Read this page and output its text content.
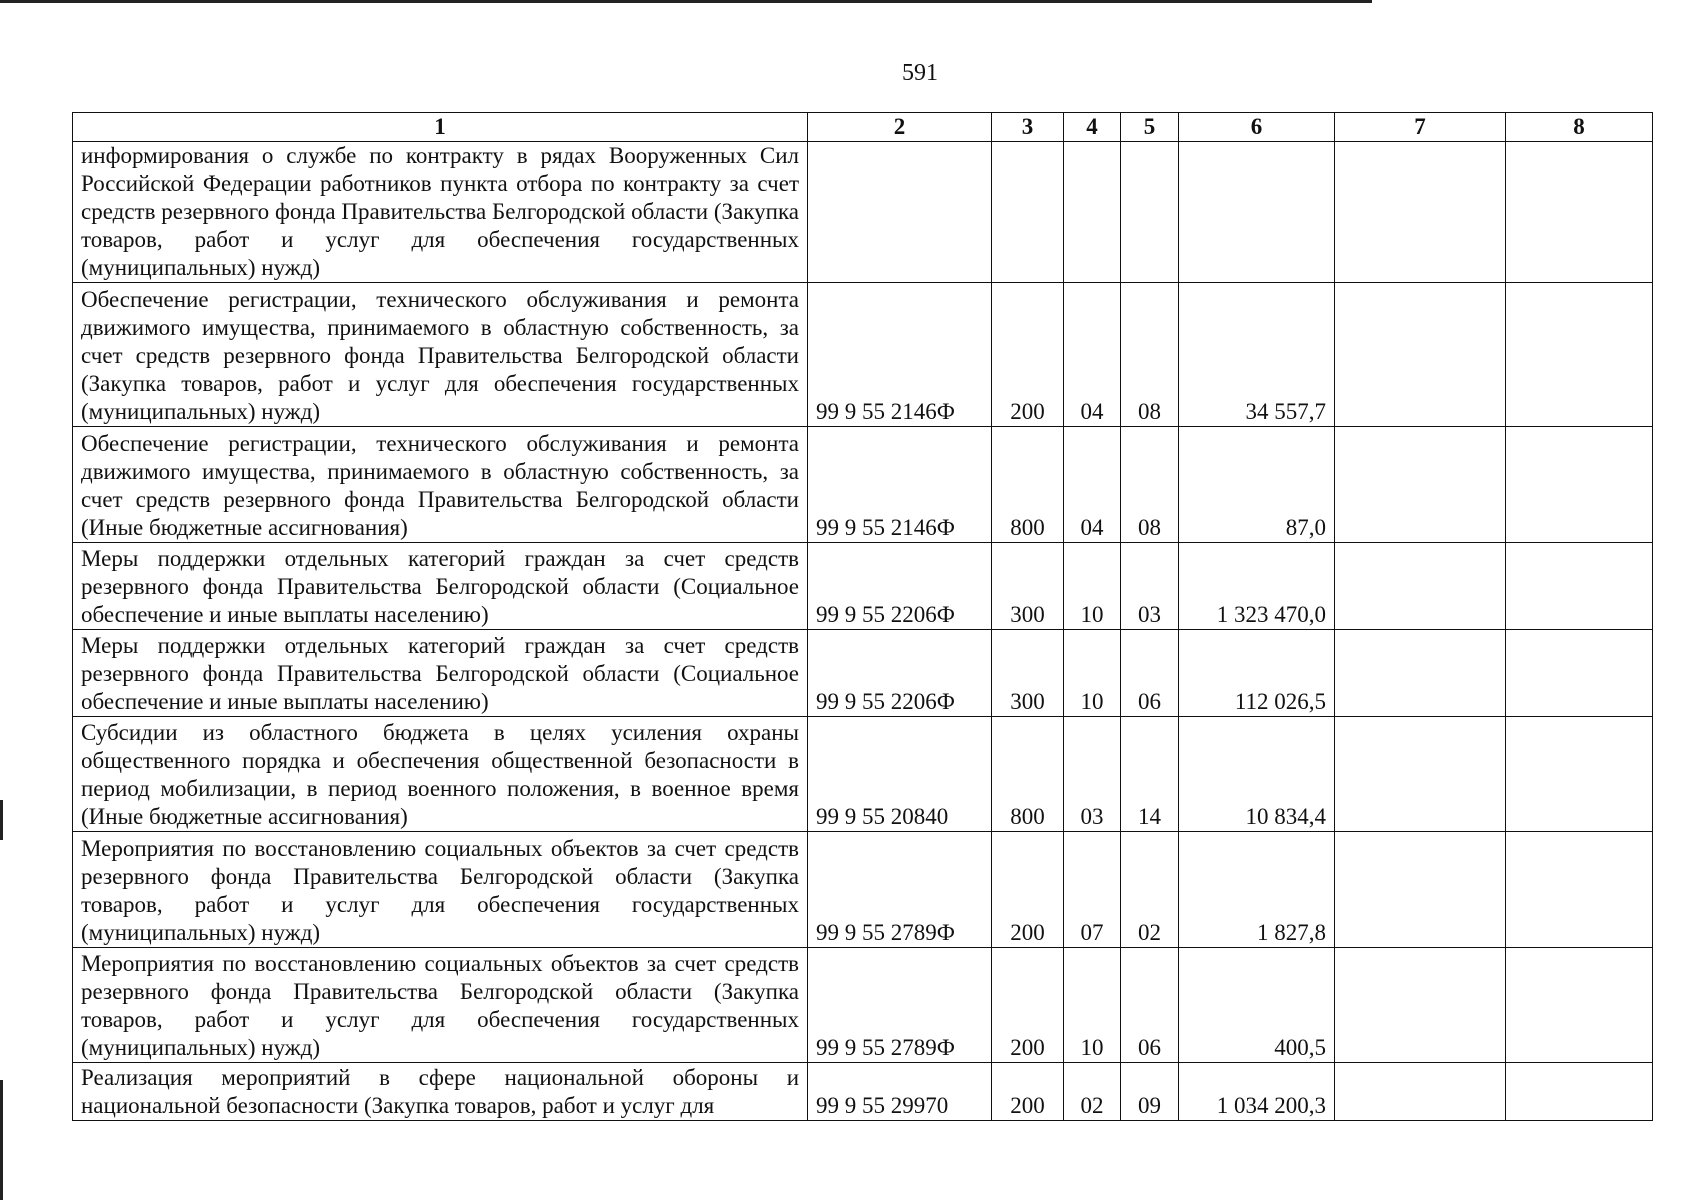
591
1	2	3	4	5	6	7	8
информирования о службе по контракту в рядах Вооруженных Сил Российской Федерации работников пункта отбора по контракту за счет средств резервного фонда Правительства Белгородской области (Закупка товаров, работ и услуг для обеспечения государственных (муниципальных) нужд)							
Обеспечение регистрации, технического обслуживания и ремонта движимого имущества, принимаемого в областную собственность, за счет средств резервного фонда Правительства Белгородской области (Закупка товаров, работ и услуг для обеспечения государственных (муниципальных) нужд)	99 9 55 2146Ф	200	04	08	34 557,7		
Обеспечение регистрации, технического обслуживания и ремонта движимого имущества, принимаемого в областную собственность, за счет средств резервного фонда Правительства Белгородской области (Иные бюджетные ассигнования)	99 9 55 2146Ф	800	04	08	87,0		
Меры поддержки отдельных категорий граждан за счет средств резервного фонда Правительства Белгородской области (Социальное обеспечение и иные выплаты населению)	99 9 55 2206Ф	300	10	03	1 323 470,0		
Меры поддержки отдельных категорий граждан за счет средств резервного фонда Правительства Белгородской области (Социальное обеспечение и иные выплаты населению)	99 9 55 2206Ф	300	10	06	112 026,5		
Субсидии из областного бюджета в целях усиления охраны общественного порядка и обеспечения общественной безопасности в период мобилизации, в период военного положения, в военное время (Иные бюджетные ассигнования)	99 9 55 20840	800	03	14	10 834,4		
Мероприятия по восстановлению социальных объектов за счет средств резервного фонда Правительства Белгородской области (Закупка товаров, работ и услуг для обеспечения государственных (муниципальных) нужд)	99 9 55 2789Ф	200	07	02	1 827,8		
Мероприятия по восстановлению социальных объектов за счет средств резервного фонда Правительства Белгородской области (Закупка товаров, работ и услуг для обеспечения государственных (муниципальных) нужд)	99 9 55 2789Ф	200	10	06	400,5		
Реализация мероприятий в сфере национальной обороны и национальной безопасности (Закупка товаров, работ и услуг для	99 9 55 29970	200	02	09	1 034 200,3		
